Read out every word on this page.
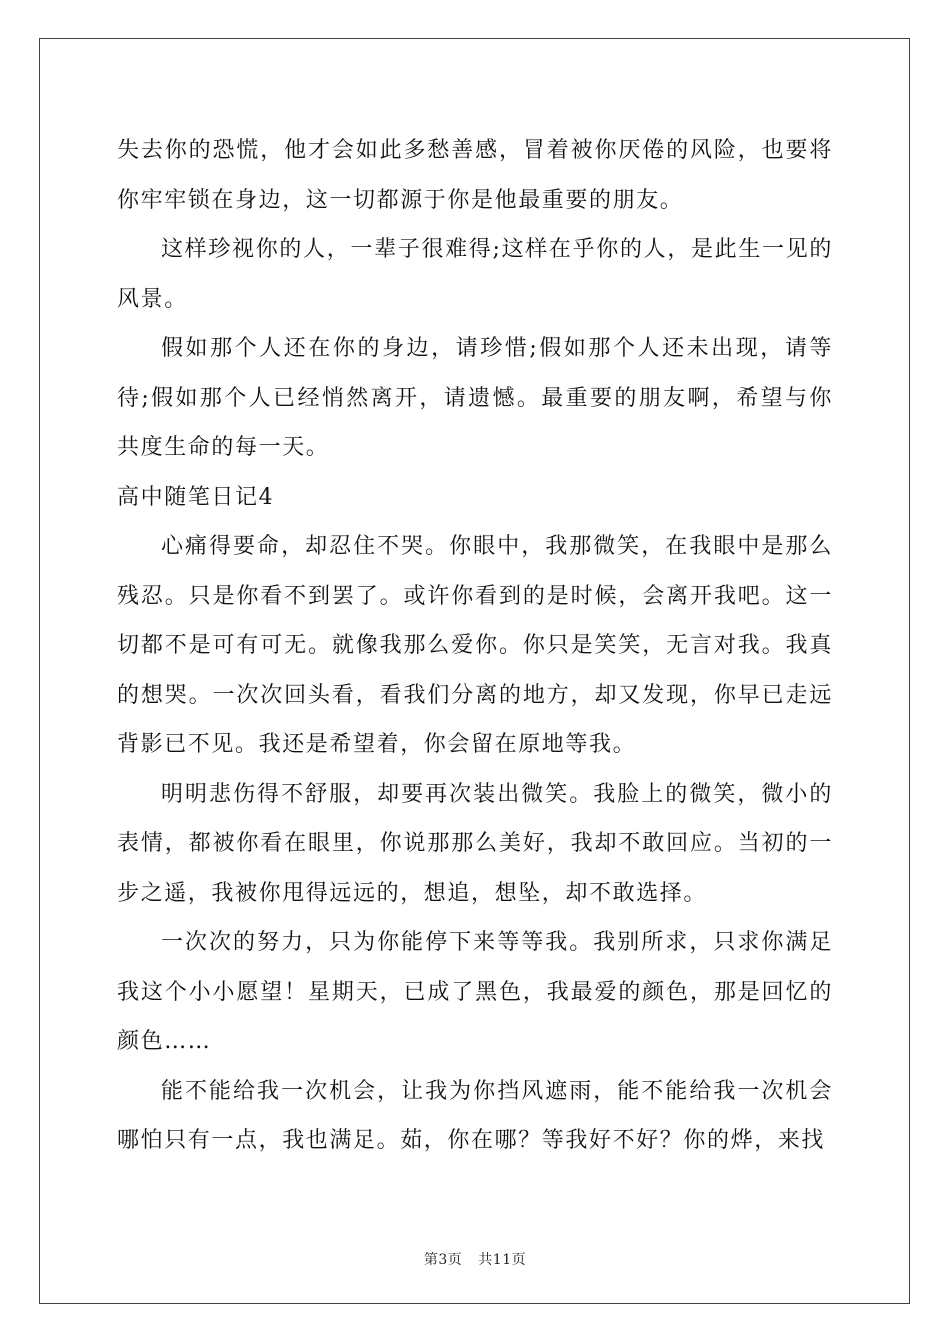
失去你的恐慌，他才会如此多愁善感，冒着被你厌倦的风险，也要将你牢牢锁在身边，这一切都源于你是他最重要的朋友。

这样珍视你的人，一辈子很难得;这样在乎你的人，是此生一见的风景。

假如那个人还在你的身边，请珍惜;假如那个人还未出现，请等待;假如那个人已经悄然离开，请遗憾。最重要的朋友啊，希望与你共度生命的每一天。

高中随笔日记4

心痛得要命，却忍住不哭。你眼中，我那微笑，在我眼中是那么残忍。只是你看不到罢了。或许你看到的是时候，会离开我吧。这一切都不是可有可无。就像我那么爱你。你只是笑笑，无言对我。我真的想哭。一次次回头看，看我们分离的地方，却又发现，你早已走远背影已不见。我还是希望着，你会留在原地等我。

明明悲伤得不舒服，却要再次装出微笑。我脸上的微笑，微小的表情，都被你看在眼里，你说那那么美好，我却不敢回应。当初的一步之遥，我被你甩得远远的，想追，想坠，却不敢选择。

一次次的努力，只为你能停下来等等我。我别所求，只求你满足我这个小小愿望！星期天，已成了黑色，我最爱的颜色，那是回忆的颜色……

能不能给我一次机会，让我为你挡风遮雨，能不能给我一次机会哪怕只有一点，我也满足。茹，你在哪？等我好不好？你的烨，来找

第3页 共11页
